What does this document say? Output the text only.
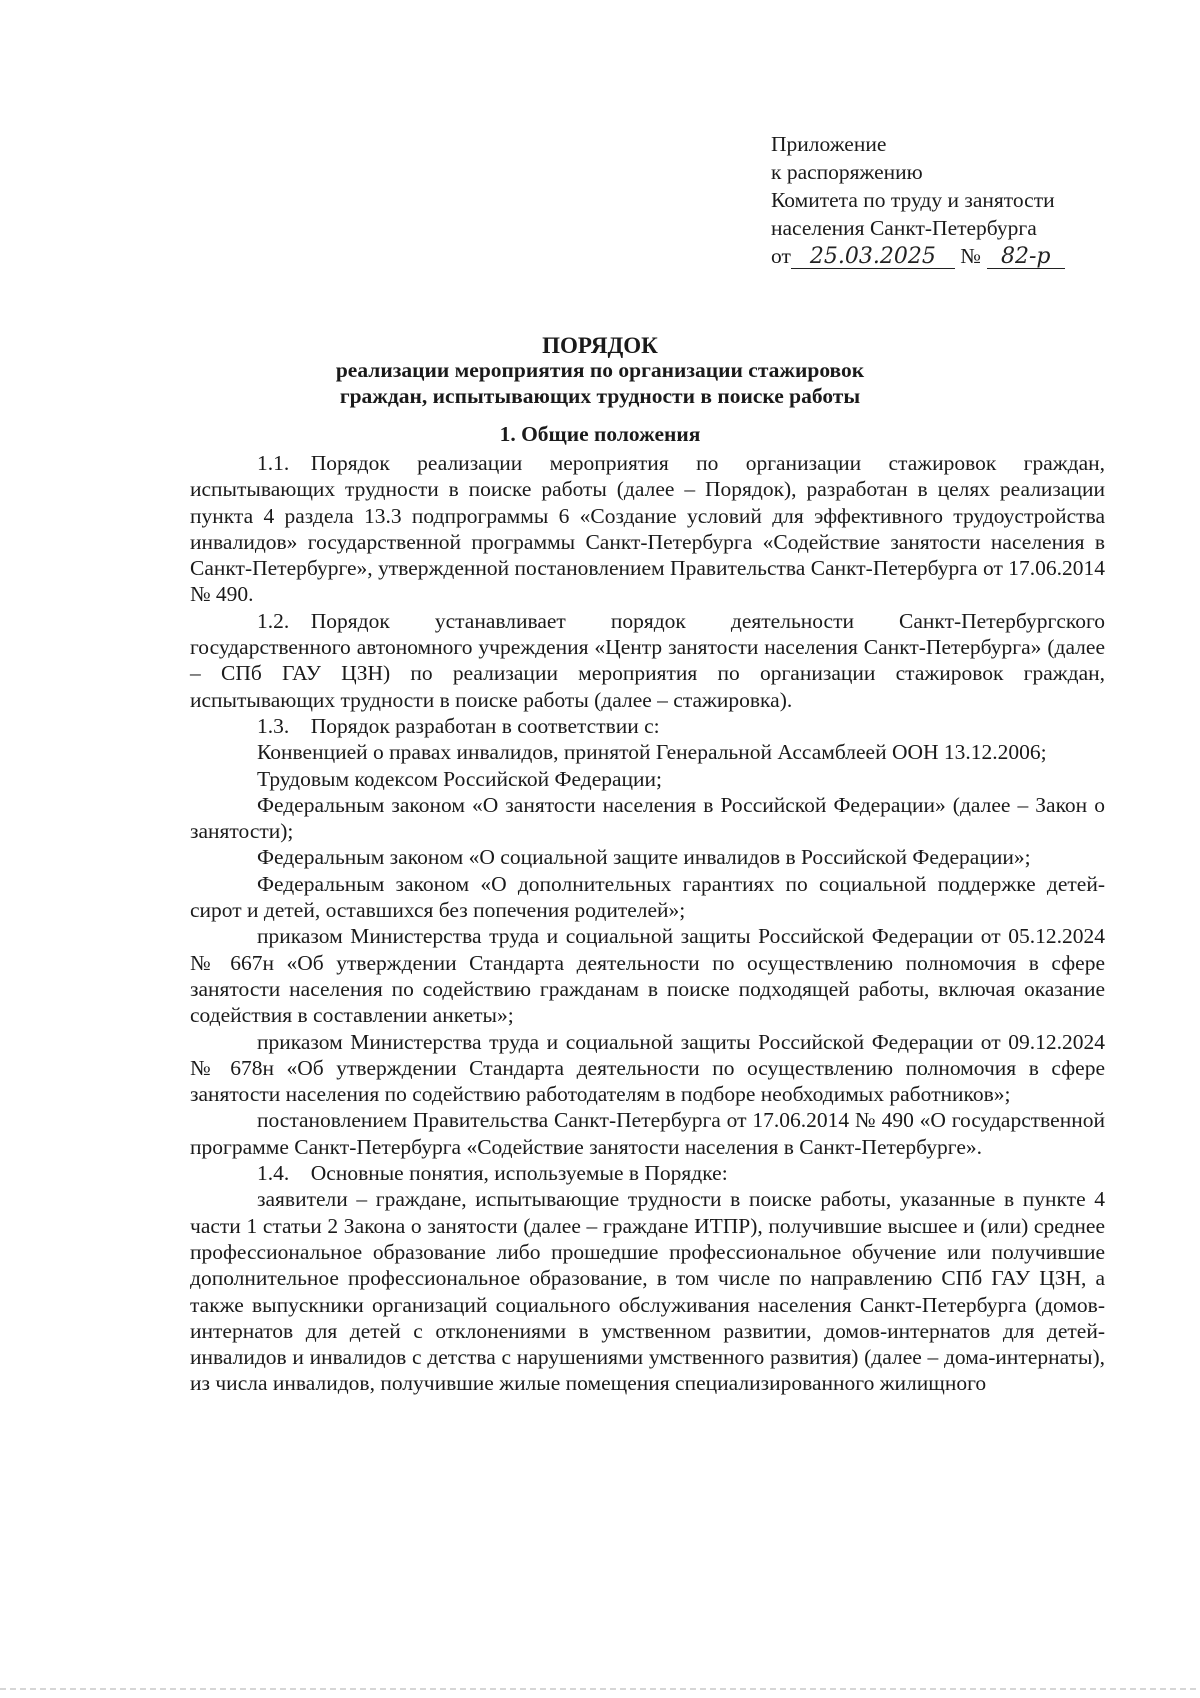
Приложение
к распоряжению
Комитета по труду и занятости
населения Санкт-Петербурга
от 25.03.2025 № 82-р
ПОРЯДОК
реализации мероприятия по организации стажировок
граждан, испытывающих трудности в поиске работы
1. Общие положения

1.1. Порядок реализации мероприятия по организации стажировок граждан, испытывающих трудности в поиске работы (далее – Порядок), разработан в целях реализации пункта 4 раздела 13.3 подпрограммы 6 «Создание условий для эффективного трудоустройства инвалидов» государственной программы Санкт-Петербурга «Содействие занятости населения в Санкт-Петербурге», утвержденной постановлением Правительства Санкт-Петербурга от 17.06.2014 № 490.

1.2. Порядок устанавливает порядок деятельности Санкт-Петербургского государственного автономного учреждения «Центр занятости населения Санкт-Петербурга» (далее – СПб ГАУ ЦЗН) по реализации мероприятия по организации стажировок граждан, испытывающих трудности в поиске работы (далее – стажировка).

1.3. Порядок разработан в соответствии с:

Конвенцией о правах инвалидов, принятой Генеральной Ассамблеей ООН 13.12.2006;

Трудовым кодексом Российской Федерации;

Федеральным законом «О занятости населения в Российской Федерации» (далее – Закон о занятости);

Федеральным законом «О социальной защите инвалидов в Российской Федерации»;

Федеральным законом «О дополнительных гарантиях по социальной поддержке детей-сирот и детей, оставшихся без попечения родителей»;

приказом Министерства труда и социальной защиты Российской Федерации от 05.12.2024 № 667н «Об утверждении Стандарта деятельности по осуществлению полномочия в сфере занятости населения по содействию гражданам в поиске подходящей работы, включая оказание содействия в составлении анкеты»;

приказом Министерства труда и социальной защиты Российской Федерации от 09.12.2024 № 678н «Об утверждении Стандарта деятельности по осуществлению полномочия в сфере занятости населения по содействию работодателям в подборе необходимых работников»;

постановлением Правительства Санкт-Петербурга от 17.06.2014 № 490 «О государственной программе Санкт-Петербурга «Содействие занятости населения в Санкт-Петербурге».

1.4. Основные понятия, используемые в Порядке:

заявители – граждане, испытывающие трудности в поиске работы, указанные в пункте 4 части 1 статьи 2 Закона о занятости (далее – граждане ИТПР), получившие высшее и (или) среднее профессиональное образование либо прошедшие профессиональное обучение или получившие дополнительное профессиональное образование, в том числе по направлению СПб ГАУ ЦЗН, а также выпускники организаций социального обслуживания населения Санкт-Петербурга (домов-интернатов для детей с отклонениями в умственном развитии, домов-интернатов для детей-инвалидов и инвалидов с детства с нарушениями умственного развития) (далее – дома-интернаты), из числа инвалидов, получившие жилые помещения специализированного жилищного
